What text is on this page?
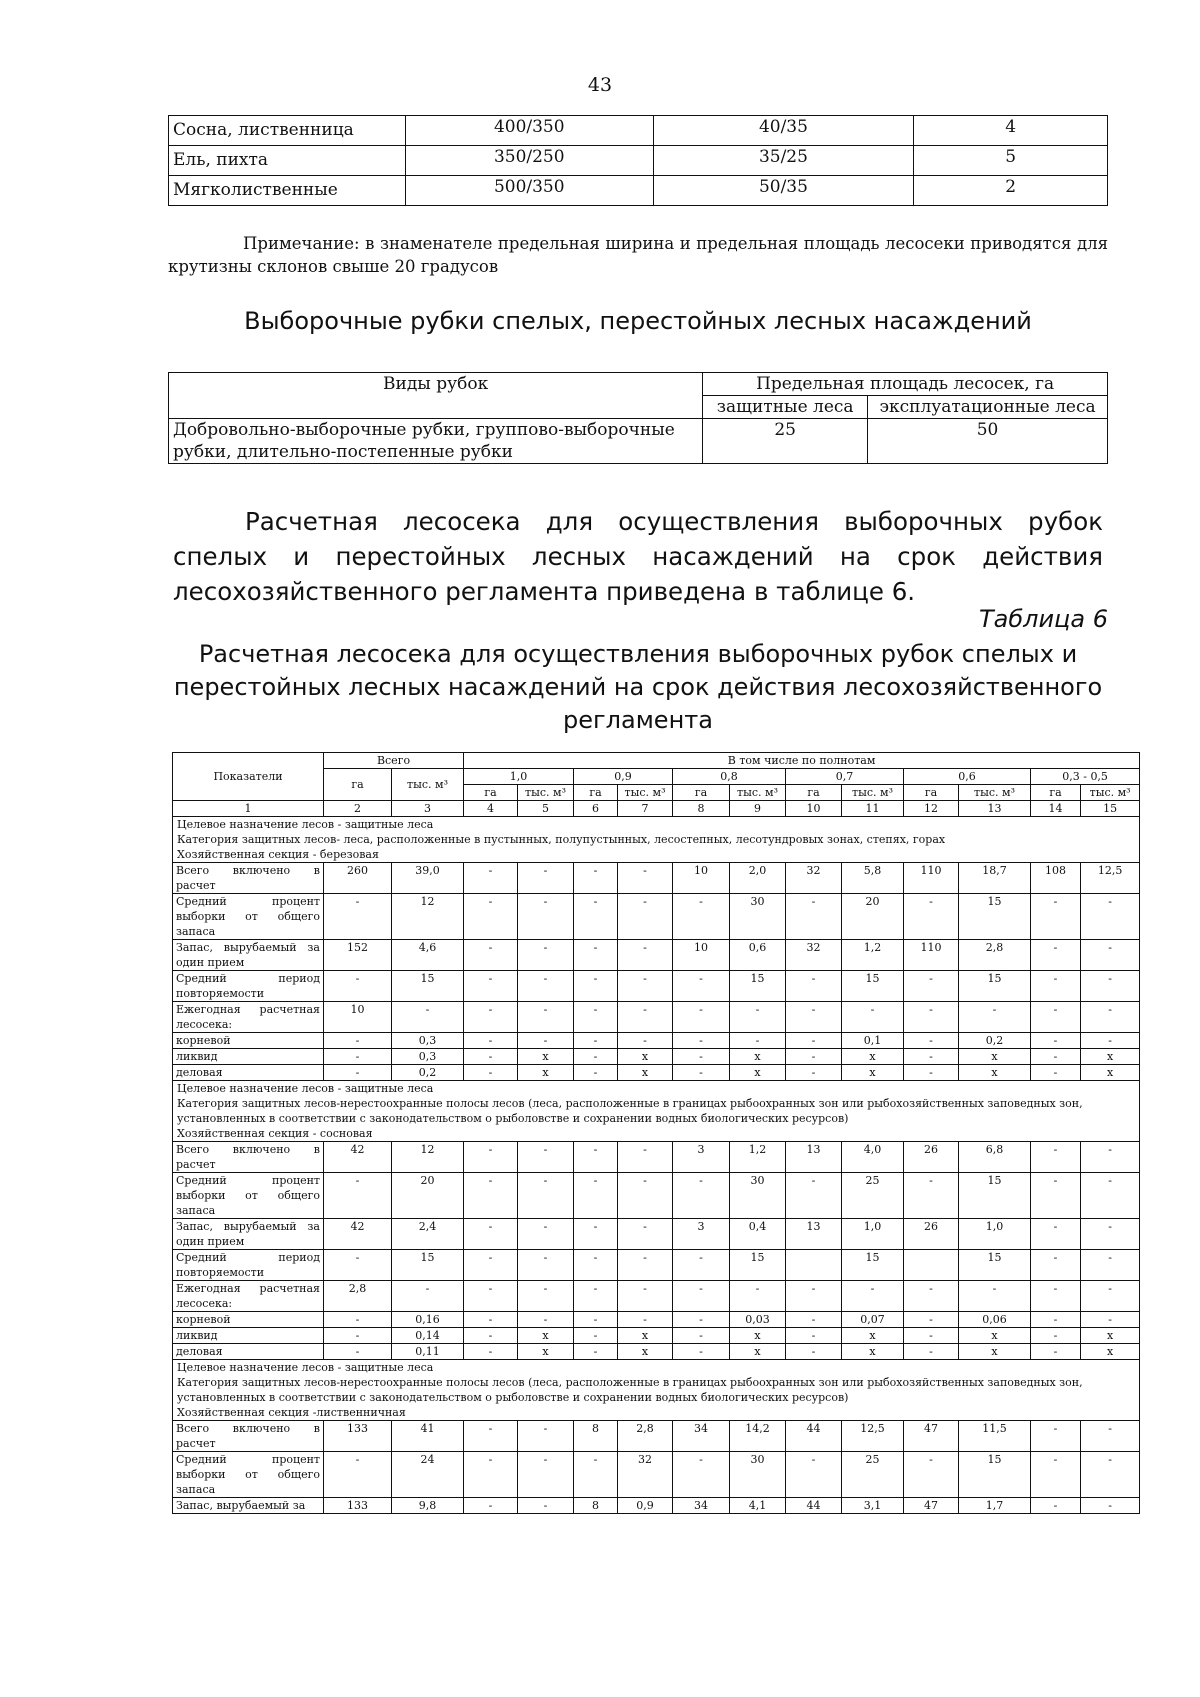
43
Сосна, лиственница	400/350	40/35	4
Ель, пихта	350/250	35/25	5
Мягколиственные	500/350	50/35	2
Примечание: в знаменателе предельная ширина и предельная площадь лесосеки приводятся для крутизны склонов свыше 20 градусов
Выборочные рубки спелых, перестойных лесных насаждений
Виды рубок	Предельная площадь лесосек, га	
	защитные леса	эксплуатационные леса
Добровольно-выборочные рубки, группово-выборочные рубки, длительно-постепенные рубки	25	50
Расчетная лесосека для осуществления выборочных рубок спелых и перестойных лесных насаждений на срок действия лесохозяйственного регламента приведена в таблице 6.
Таблица 6
Расчетная лесосека для осуществления выборочных рубок спелых и перестойных лесных насаждений на срок действия лесохозяйственного регламента
Показатели	Всего		В том числе по полнотам											
	га	тыс. м³	1,0		0,9		0,8		0,7		0,6		0,3 - 0,5	
			га	тыс. м³	га	тыс. м³	га	тыс. м³	га	тыс. м³	га	тыс. м³	га	тыс. м³
1	2	3	4	5	6	7	8	9	10	11	12	13	14	15

Целевое назначение лесов - защитные леса
Категория защитных лесов- леса, расположенные в пустынных, полупустынных, лесостепных, лесотундровых зонах, степях, горах
Хозяйственная секция - березовая														

Всего включено в расчет	260	39,0	-	-	-	-	10	2,0	32	5,8	110	18,7	108	12,5
Средний процент выборки от общего запаса	-	12	-	-	-	-	-	30	-	20	-	15	-	-
Запас, вырубаемый за один прием	152	4,6	-	-	-	-	10	0,6	32	1,2	110	2,8	-	-
Средний период повторяемости	-	15	-	-	-	-	-	15	-	15	-	15	-	-
Ежегодная расчетная лесосека:	10	-	-	-	-	-	-	-	-	-	-	-	-	-
корневой	-	0,3	-	-	-	-	-	-	-	0,1	-	0,2	-	-
ликвид	-	0,3	-	х	-	х	-	х	-	х	-	х	-	х
деловая	-	0,2	-	х	-	х	-	х	-	х	-	х	-	х

Целевое назначение лесов - защитные леса
Категория защитных лесов-нерестоохранные полосы лесов (леса, расположенные в границах рыбоохранных зон или рыбохозяйственных заповедных зон, установленных в соответствии с законодательством о рыболовстве и сохранении водных биологических ресурсов)
Хозяйственная секция - сосновая														

Всего включено в расчет	42	12	-	-	-	-	3	1,2	13	4,0	26	6,8	-	-
Средний процент выборки от общего запаса	-	20	-	-	-	-	-	30	-	25	-	15	-	-
Запас, вырубаемый за один прием	42	2,4	-	-	-	-	3	0,4	13	1,0	26	1,0	-	-
Средний период повторяемости	-	15	-	-	-	-	-	15		15		15	-	-
Ежегодная расчетная лесосека:	2,8	-	-	-	-	-	-	-	-	-	-	-	-	-
корневой	-	0,16	-	-	-	-	-	0,03	-	0,07	-	0,06	-	-
ликвид	-	0,14	-	х	-	х	-	х	-	х	-	х	-	х
деловая	-	0,11	-	х	-	х	-	х	-	х	-	х	-	х

Целевое назначение лесов - защитные леса
Категория защитных лесов-нерестоохранные полосы лесов (леса, расположенные в границах рыбоохранных зон или рыбохозяйственных заповедных зон, установленных в соответствии с законодательством о рыболовстве и сохранении водных биологических ресурсов)
Хозяйственная секция -лиственничная														

Всего включено в расчет	133	41	-	-	8	2,8	34	14,2	44	12,5	47	11,5	-	-
Средний процент выборки от общего запаса	-	24	-	-	-	32	-	30	-	25	-	15	-	-
Запас, вырубаемый за	133	9,8	-	-	8	0,9	34	4,1	44	3,1	47	1,7	-	-
